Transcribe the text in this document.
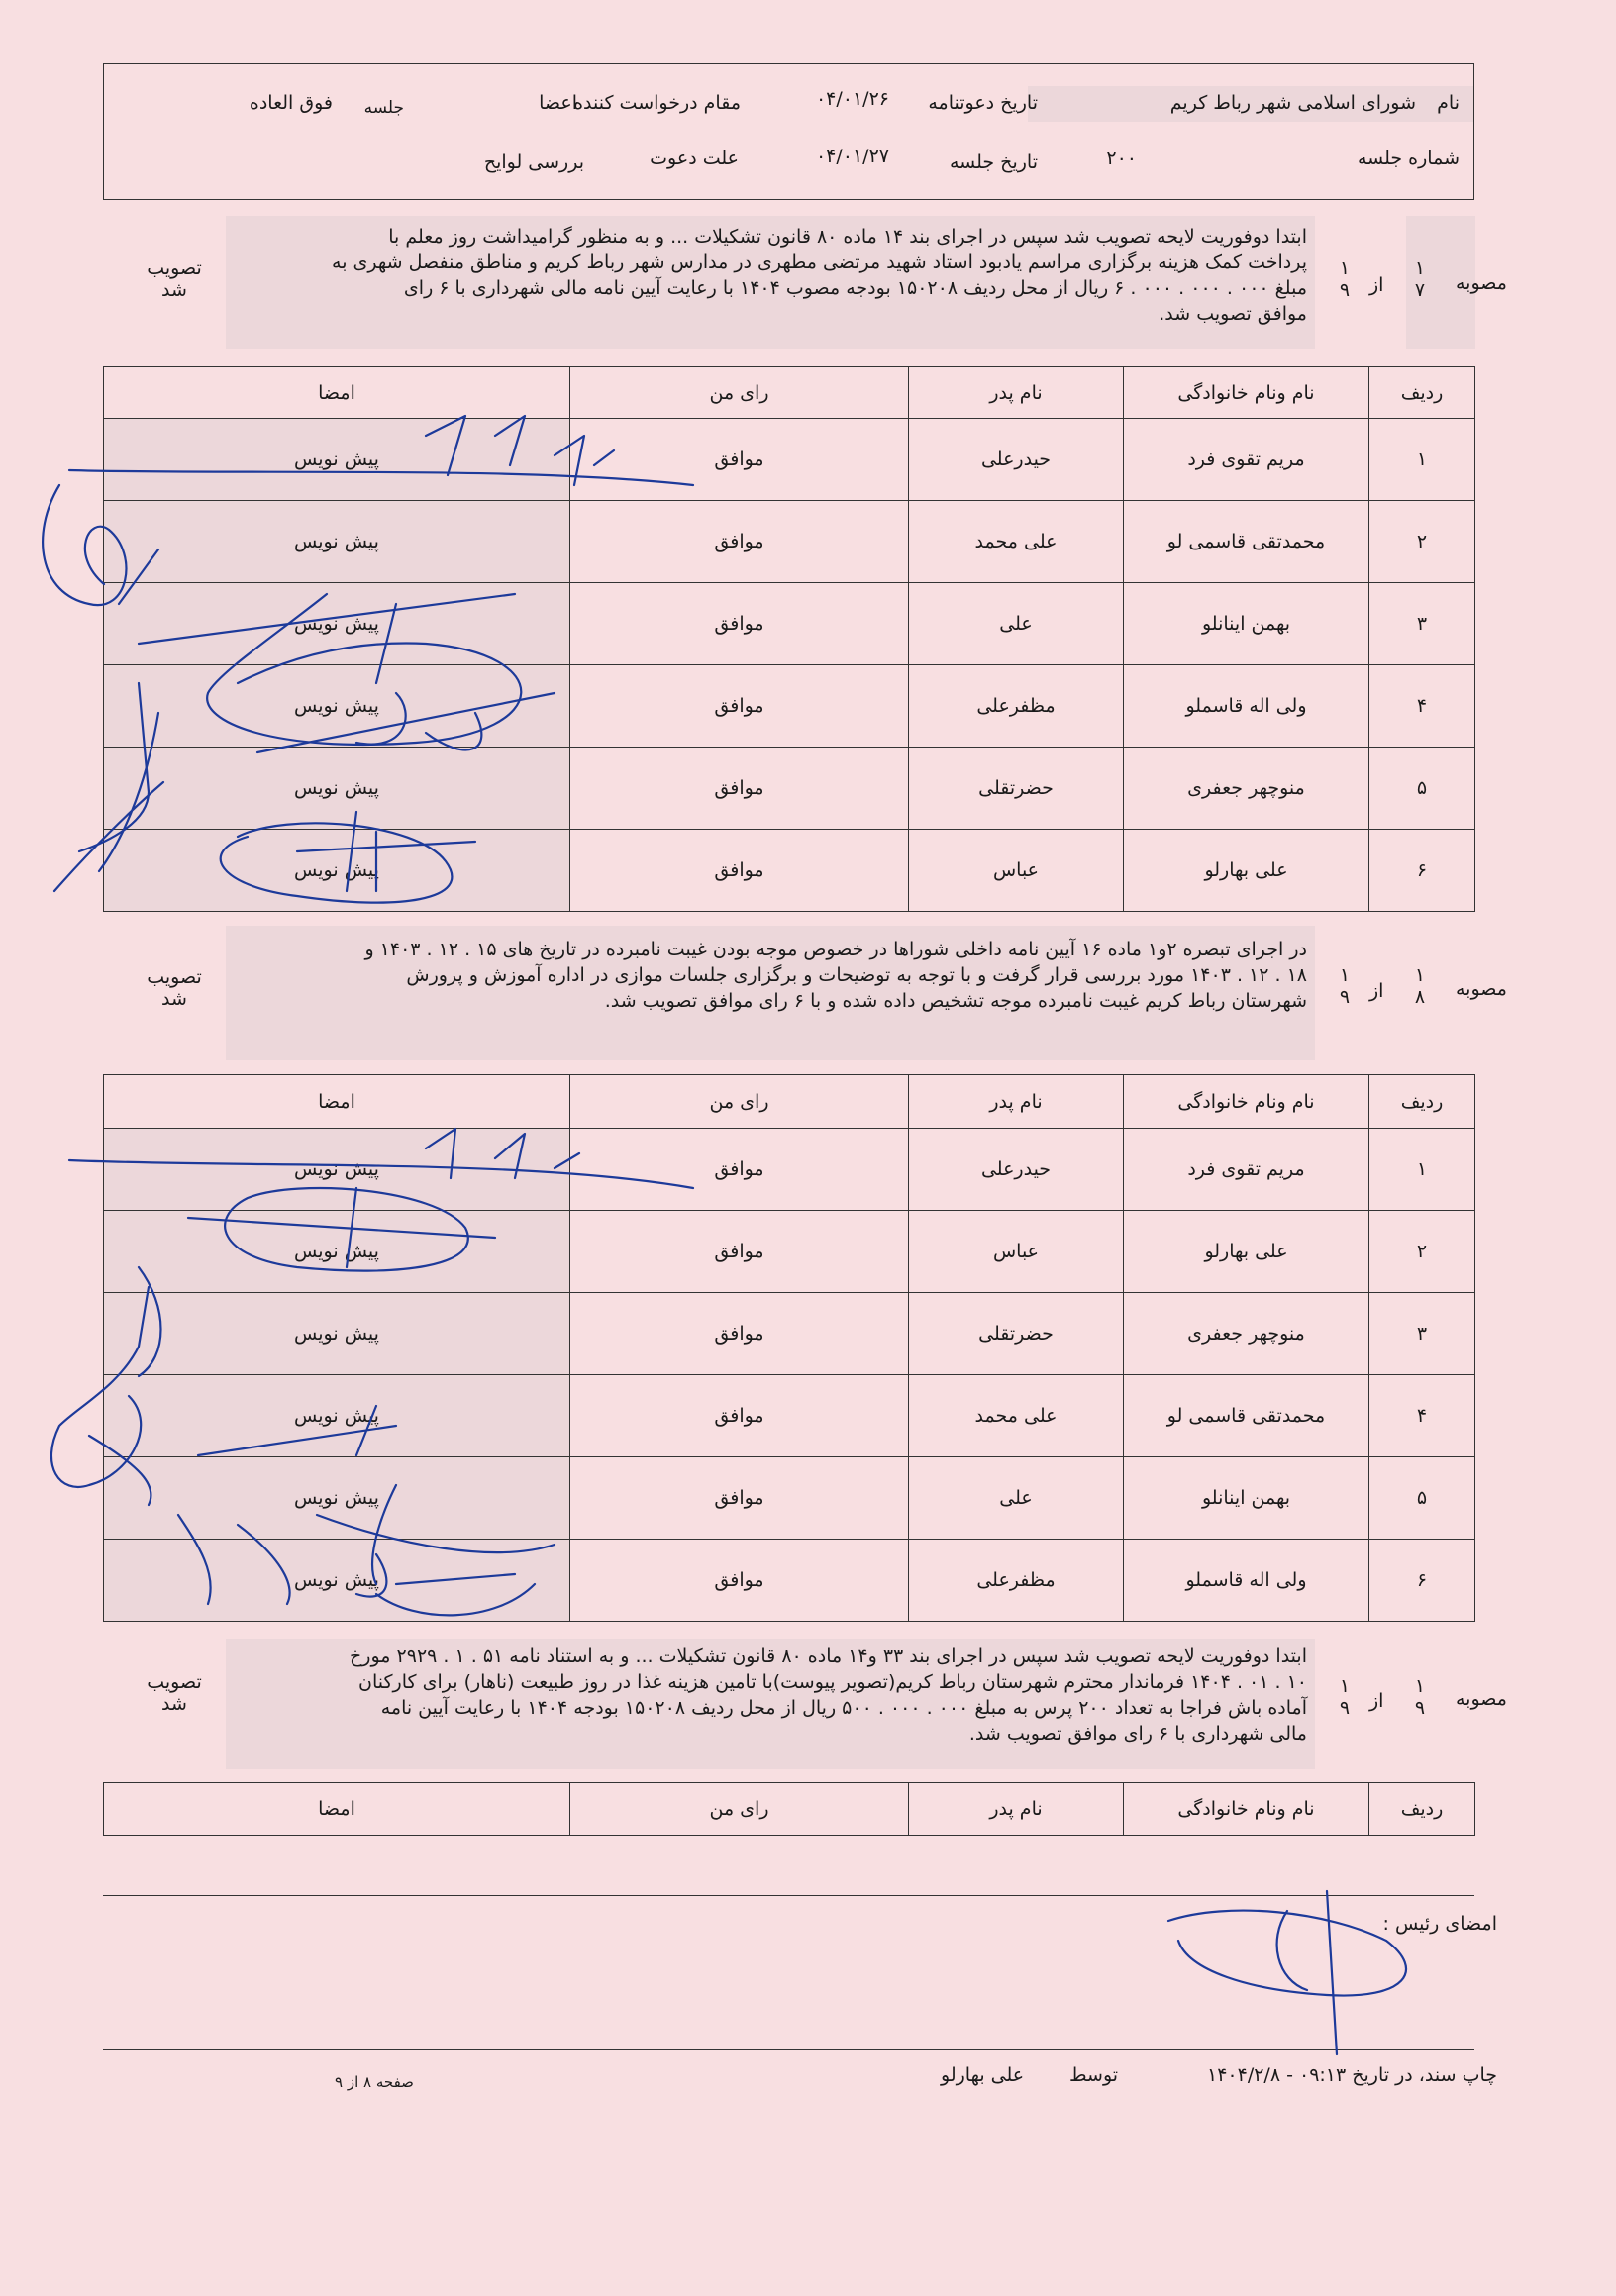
نام
شورای اسلامی شهر رباط کریم
تاریخ دعوتنامه
۰۴/۰۱/۲۶
مقام درخواست کننده
اعضا
جلسه
فوق العاده
شماره جلسه
۲۰۰
تاریخ جلسه
۰۴/۰۱/۲۷
علت دعوت
بررسی لوایح
ابتدا دوفوریت لایحه تصویب شد سپس در اجرای بند ۱۴ ماده ۸۰ قانون تشکیلات ... و به منظور گرامیداشت روز معلم با
پرداخت کمک هزینه برگزاری مراسم یادبود استاد شهید مرتضی مطهری در مدارس شهر رباط کریم و مناطق منفصل شهری به
مبلغ ۰۰۰ . ۰۰۰ . ۰۰۰ . ۶ ریال از محل ردیف ۱۵۰۲۰۸ بودجه مصوب ۱۴۰۴ با رعایت آیین نامه مالی شهرداری با ۶ رای
موافق تصویب شد.
مصوبه
۱
۷
از
۱
۹
تصویب
شد
ردیف	نام ونام خانوادگی	نام پدر	رای من	امضا
۱	مریم تقوی فرد	حیدرعلی	موافق	پیش نویس
۲	محمدتقی قاسمی لو	علی محمد	موافق	پیش نویس
۳	بهمن اینانلو	علی	موافق	پیش نویس
۴	ولی اله قاسملو	مظفرعلی	موافق	پیش نویس
۵	منوچهر جعفری	حضرتقلی	موافق	پیش نویس
۶	علی بهارلو	عباس	موافق	پیش نویس
در اجرای تبصره ۲و۱ ماده ۱۶ آیین نامه داخلی شوراها در خصوص موجه بودن غیبت نامبرده در تاریخ های ۱۵ . ۱۲ . ۱۴۰۳ و
۱۸ . ۱۲ . ۱۴۰۳ مورد بررسی قرار گرفت و با توجه به توضیحات و برگزاری جلسات موازی در اداره آموزش و پرورش
شهرستان رباط کریم غیبت نامبرده موجه تشخیص داده شده و با ۶ رای موافق تصویب شد.
مصوبه
۱
۸
از
۱
۹
تصویب
شد
ردیف	نام ونام خانوادگی	نام پدر	رای من	امضا
۱	مریم تقوی فرد	حیدرعلی	موافق	پیش نویس
۲	علی بهارلو	عباس	موافق	پیش نویس
۳	منوچهر جعفری	حضرتقلی	موافق	پیش نویس
۴	محمدتقی قاسمی لو	علی محمد	موافق	پیش نویس
۵	بهمن اینانلو	علی	موافق	پیش نویس
۶	ولی اله قاسملو	مظفرعلی	موافق	پیش نویس
ابتدا دوفوریت لایحه تصویب شد سپس در اجرای بند ۳۳ و۱۴ ماده ۸۰ قانون تشکیلات ... و به استناد نامه ۵۱ . ۱ . ۲۹۲۹ مورخ
۱۰ . ۰۱ . ۱۴۰۴ فرماندار محترم شهرستان رباط کریم(تصویر پیوست)با تامین هزینه غذا در روز طبیعت (ناهار) برای کارکنان
آماده باش فراجا به تعداد ۲۰۰ پرس به مبلغ ۰۰۰ . ۰۰۰ . ۵۰۰ ریال از محل ردیف ۱۵۰۲۰۸ بودجه ۱۴۰۴ با رعایت آیین نامه
مالی شهرداری با ۶ رای موافق تصویب شد.
مصوبه
۱
۹
از
۱
۹
تصویب
شد
ردیف	نام ونام خانوادگی	نام پدر	رای من	امضا
امضای رئیس :
چاپ سند، در تاریخ ۰۹:۱۳ - ۱۴۰۴/۲/۸
توسط
علی بهارلو
صفحه ۸ از ۹
